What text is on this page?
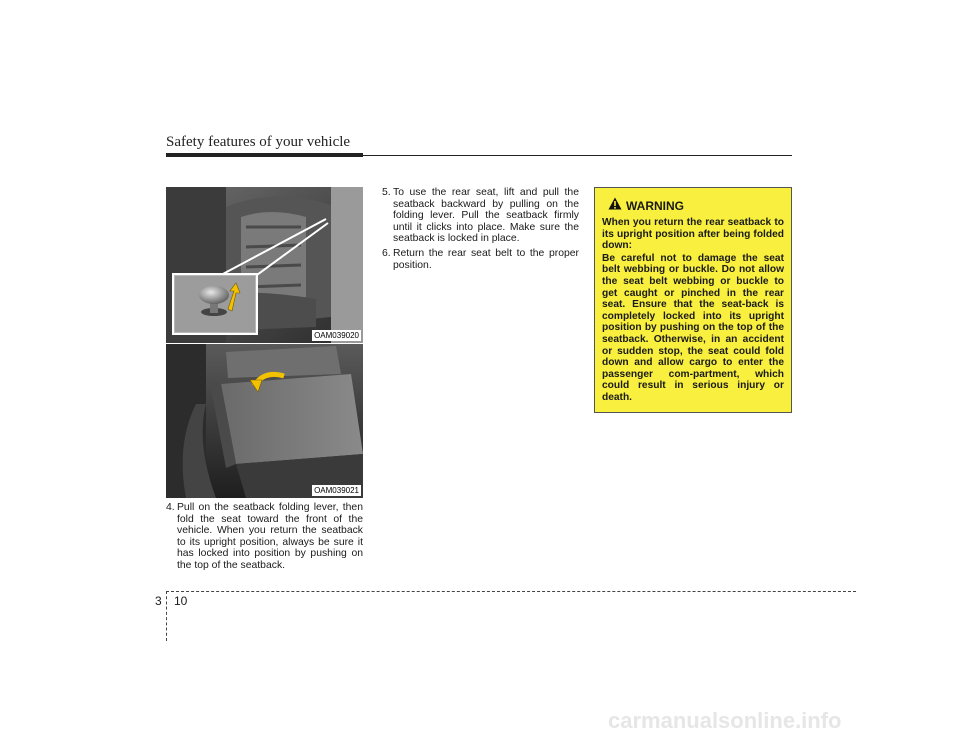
Safety features of your vehicle
OAM039020
OAM039021
4. Pull on the seatback folding lever, then fold the seat toward the front of the vehicle. When you return the seatback to its upright position, always be sure it has locked into position by pushing on the top of the seatback.
5. To use the rear seat, lift and pull the seatback backward by pulling on the folding lever. Pull the seatback firmly until it clicks into place. Make sure the seatback is locked in place.
6. Return the rear seat belt to the proper position.
WARNING

When you return the rear seatback to its upright position after being folded down:

Be careful not to damage the seat belt webbing or buckle. Do not allow the seat belt webbing or buckle to get caught or pinched in the rear seat. Ensure that the seat-back is completely locked into its upright position by pushing on the top of the seatback. Otherwise, in an accident or sudden stop, the seat could fold down and allow cargo to enter the passenger com-partment, which could result in serious injury or death.

3 10
carmanualsonline.info
